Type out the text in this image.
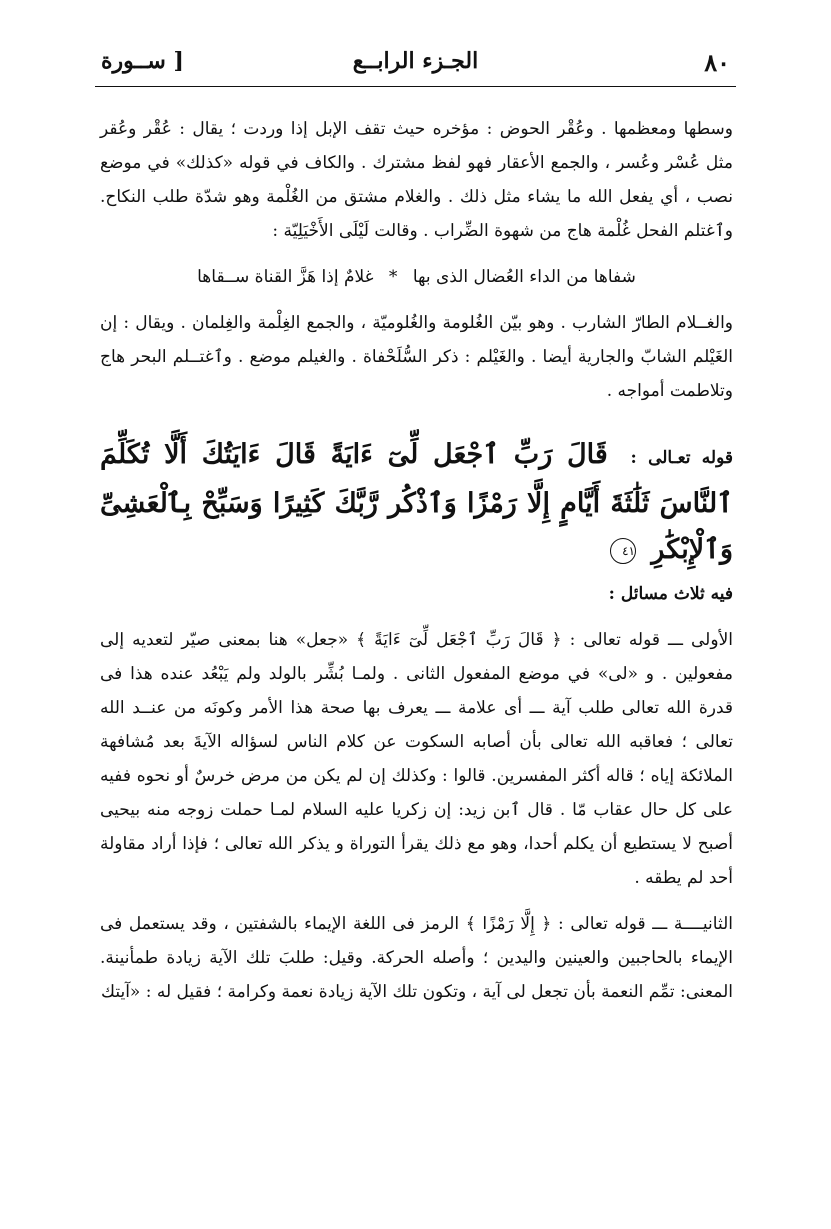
٨٠
الجـزء الرابــع
[ ســورة

وسطها ومعظمها . وعُقْر الحوض : مؤخره حيث تقف الإبل إذا وردت ؛ يقال : عُقْر وعُقر مثل عُسْر وعُسر ، والجمع الأعقار فهو لفظ مشترك . والكاف في قوله «كذلك» في موضع نصب ، أي يفعل الله ما يشاء مثل ذلك . والغلام مشتق من الغُلْمة وهو شدّة طلب النكاح. وٱغتلم الفحل غُلْمة هاج من شهوة الضِّراب . وقالت لَيْلَى الأَخْيَلِيّة :

شفاها من الداء العُضال الذى بها * غلامٌ إذا هَزَّ القناة ســقاها

والغــلام الطارّ الشارب . وهو بيّن الغُلومة والغُلوميّة ، والجمع الغِلْمة والغِلمان . ويقال : إن الغَيْلم الشابّ والجارية أيضا . والغَيْلم : ذكر السُّلَحْفاة . والغيلم موضع . وٱغتــلم البحر هاج وتلاطمت أمواجه .

قوله تعـالى : قَالَ رَبِّ ٱجْعَل لِّىٓ ءَايَةً قَالَ ءَايَتُكَ أَلَّا تُكَلِّمَ ٱلنَّاسَ ثَلَٰثَةَ أَيَّامٍ إِلَّا رَمْزًا وَٱذْكُر رَّبَّكَ كَثِيرًا وَسَبِّحْ بِٱلْعَشِىِّ وَٱلْإِبْكَٰرِ ٤١

فيه ثلاث مسائل :

الأولى ـــ قوله تعالى : ﴿ قَالَ رَبِّ ٱجْعَل لِّىٓ ءَايَةً ﴾ «جعل» هنا بمعنى صيّر لتعديه إلى مفعولين . و «لى» في موضع المفعول الثانى . ولمـا بُشِّر بالولد ولم يَبْعُد عنده هذا فى قدرة الله تعالى طلب آية ـــ أى علامة ـــ يعرف بها صحة هذا الأمر وكونَه من عنــد الله تعالى ؛ فعاقبه الله تعالى بأن أصابه السكوت عن كلام الناس لسؤاله الآيةَ بعد مُشافهة الملائكة إياه ؛ قاله أكثر المفسرين. قالوا : وكذلك إن لم يكن من مرض خرسٌ أو نحوه ففيه على كل حال عقاب مّا . قال ٱبن زيد: إن زكريا عليه السلام لمـا حملت زوجه منه بيحيى أصبح لا يستطيع أن يكلم أحدا، وهو مع ذلك يقرأ التوراة و يذكر الله تعالى ؛ فإذا أراد مقاولة أحد لم يطقه .

الثانيــــة ـــ قوله تعالى : ﴿ إِلَّا رَمْزًا ﴾ الرمز فى اللغة الإيماء بالشفتين ، وقد يستعمل فى الإيماء بالحاجبين والعينين واليدين ؛ وأصله الحركة. وقيل: طلبَ تلك الآية زيادة طمأنينة. المعنى: تمِّم النعمة بأن تجعل لى آية ، وتكون تلك الآية زيادة نعمة وكرامة ؛ فقيل له : «آيتك
